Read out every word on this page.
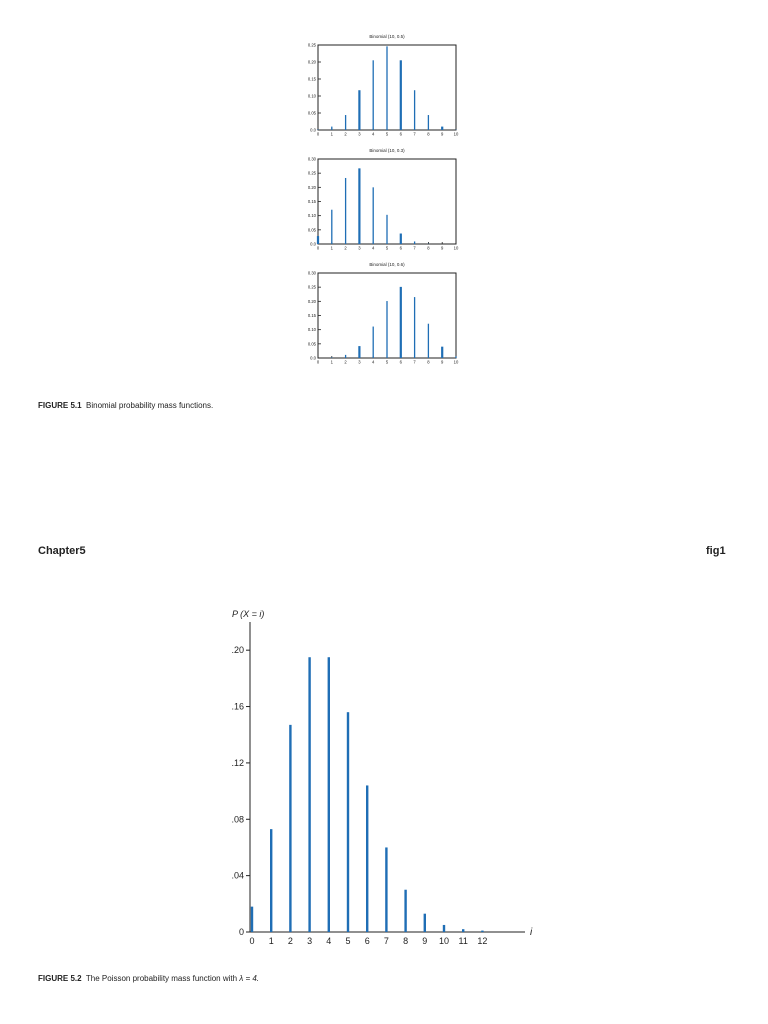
Binomial (10, 0.5)
0.0
0.05
0.10
0.15
0.20
0.25
0	1	2	3	4	5	6	7	8	9 10
Binomial (10, 0.3)
0.0
0.05
0.10
0.15
0.20
0.25
0.30
0	1	2	3	4	5	6	7	8	9 10
Binomial (10, 0.6)
0.0
0.05
0.10
0.15
0.20
0.25
0.30
0	1	2	3	4	5	6	7	8	9 10
FIGURE 5.1 Binomial probability mass functions.
Chapter5	fig1
P (X = i)
i
0
.04
.08
.12
.16
.20
0 1 2 3 4 5 6 7 8 9 10 11 12
FIGURE 5.2 The Poisson probability mass function with λ = 4.
